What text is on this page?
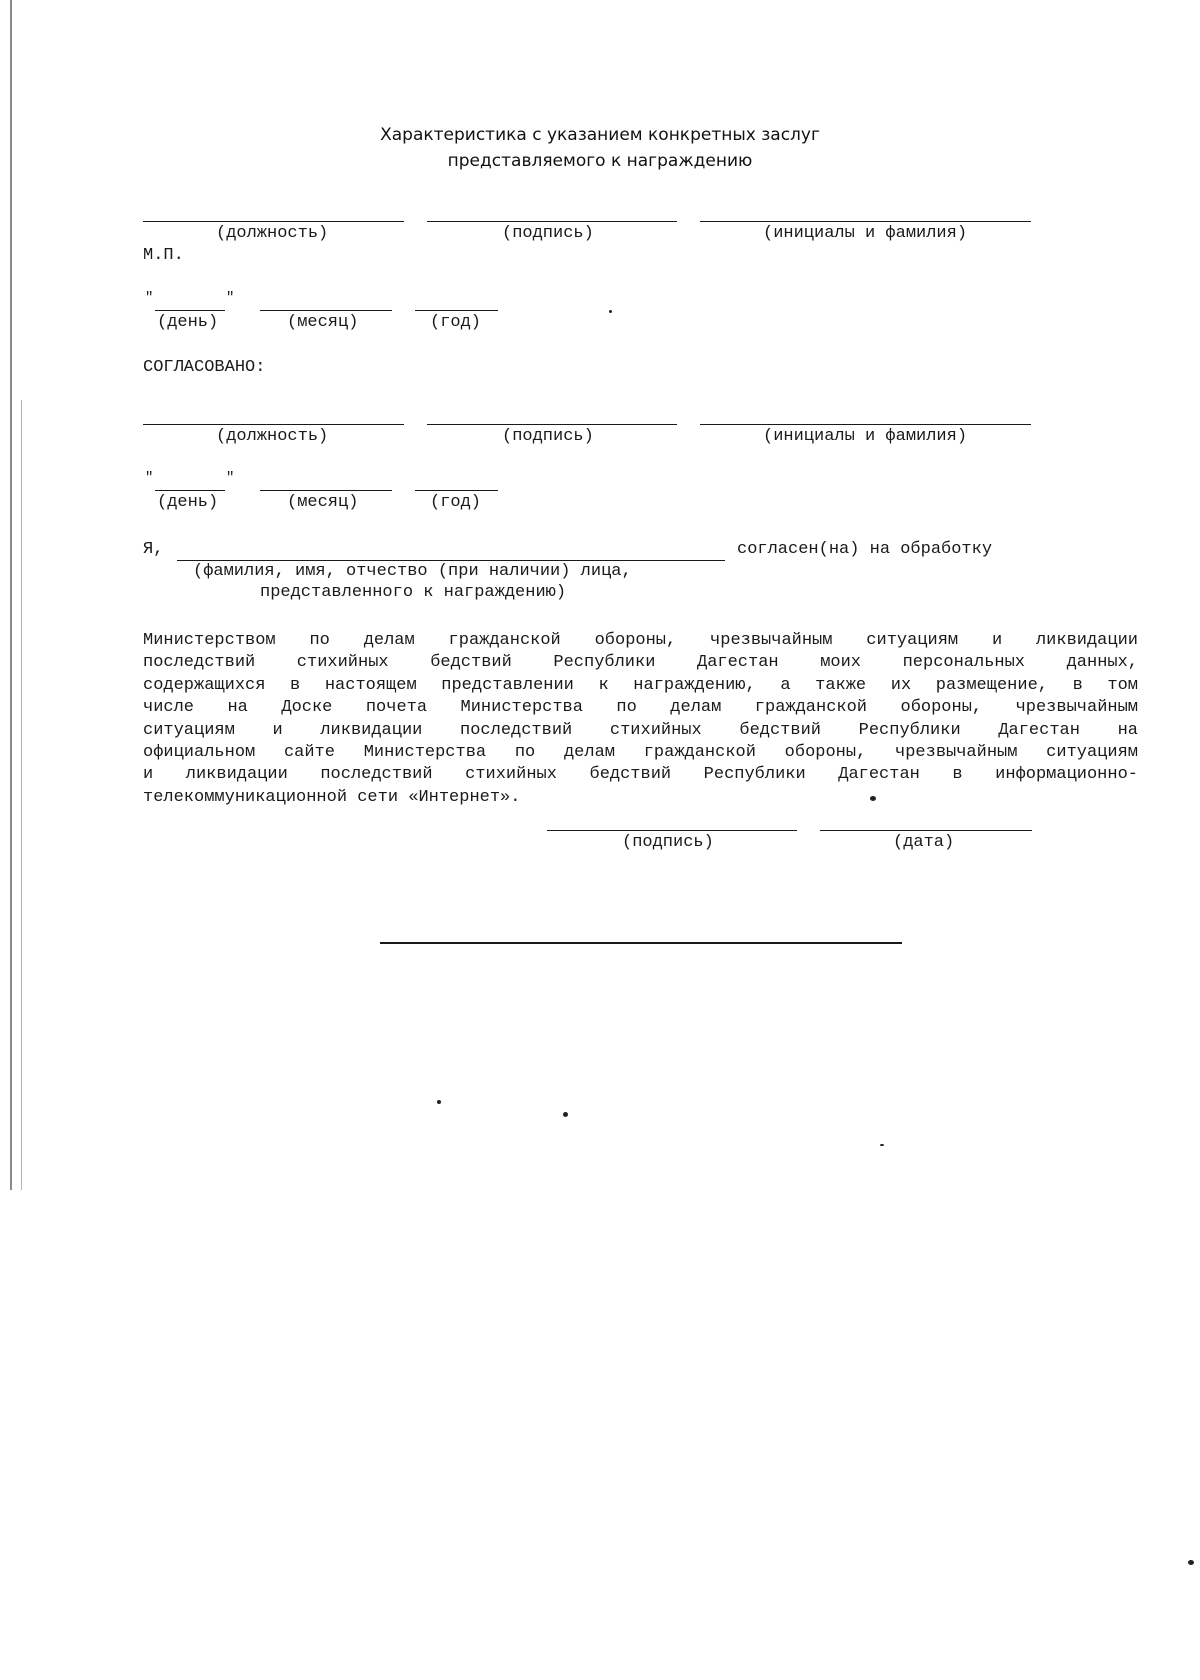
Характеристика с указанием конкретных заслуг
представляемого к награждению
(должность)	(подпись)	(инициалы и фамилия)
М.П.
"	"
(день)	(месяц)	(год)
СОГЛАСОВАНО:
(должность)	(подпись)	(инициалы и фамилия)
"	"
(день)	(месяц)	(год)
Я,	согласен(на) на обработку
(фамилия, имя, отчество (при наличии) лица,
представленного к награждению)
Министерством по делам гражданской обороны, чрезвычайным ситуациям и ликвидации
последствий стихийных бедствий Республики Дагестан моих персональных данных,
содержащихся в настоящем представлении к награждению, а также их размещение, в том
числе на Доске почета Министерства по делам гражданской обороны, чрезвычайным
ситуациям и ликвидации последствий стихийных бедствий Республики Дагестан на
официальном сайте Министерства по делам гражданской обороны, чрезвычайным ситуациям
и ликвидации последствий стихийных бедствий Республики Дагестан в информационно-
телекоммуникационной сети «Интернет».
(подпись)	(дата)
